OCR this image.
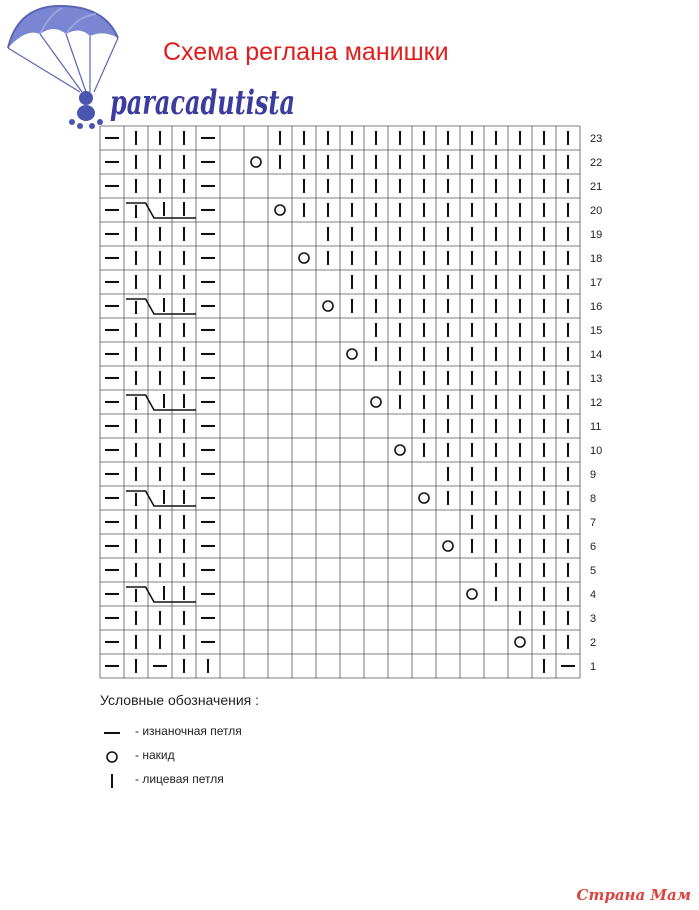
paracadutista
Схема реглана манишки
1
2
3
4
5
6
7
8
9
10
11
12
13
14
15
16
17
18
19
20
21
22
23
Условные обозначения :
- изнаночная петля
- накид
- лицевая петля
Страна Мам
